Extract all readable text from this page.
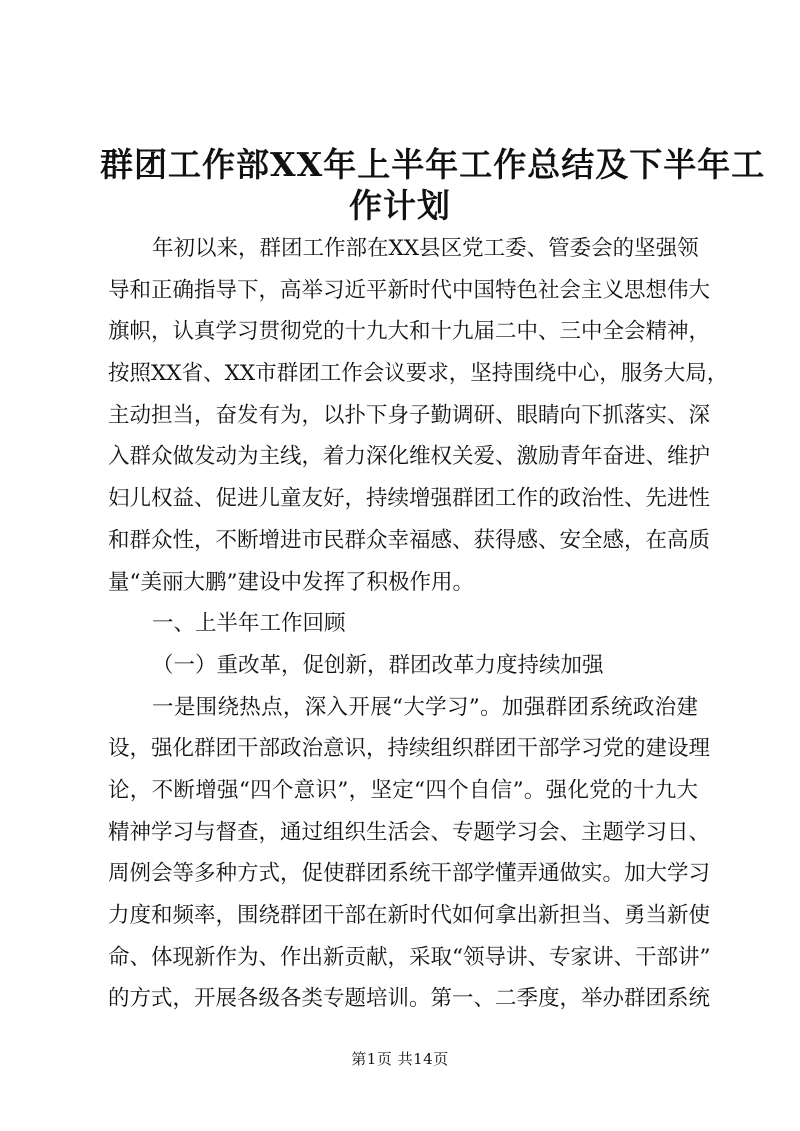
群团工作部XX年上半年工作总结及下半年工
作计划
年初以来，群团工作部在XX县区党工委、管委会的坚强领
导和正确指导下，高举习近平新时代中国特色社会主义思想伟大
旗帜，认真学习贯彻党的十九大和十九届二中、三中全会精神，
按照XX省、XX市群团工作会议要求，坚持围绕中心，服务大局，
主动担当，奋发有为，以扑下身子勤调研、眼睛向下抓落实、深
入群众做发动为主线，着力深化维权关爱、激励青年奋进、维护
妇儿权益、促进儿童友好，持续增强群团工作的政治性、先进性
和群众性，不断增进市民群众幸福感、获得感、安全感，在高质
量“美丽大鹏”建设中发挥了积极作用。
一、上半年工作回顾
（一）重改革，促创新，群团改革力度持续加强
一是围绕热点，深入开展“大学习”。加强群团系统政治建
设，强化群团干部政治意识，持续组织群团干部学习党的建设理
论，不断增强“四个意识”，坚定“四个自信”。强化党的十九大
精神学习与督查，通过组织生活会、专题学习会、主题学习日、
周例会等多种方式，促使群团系统干部学懂弄通做实。加大学习
力度和频率，围绕群团干部在新时代如何拿出新担当、勇当新使
命、体现新作为、作出新贡献，采取“领导讲、专家讲、干部讲”
的方式，开展各级各类专题培训。第一、二季度，举办群团系统
第1页 共14页
